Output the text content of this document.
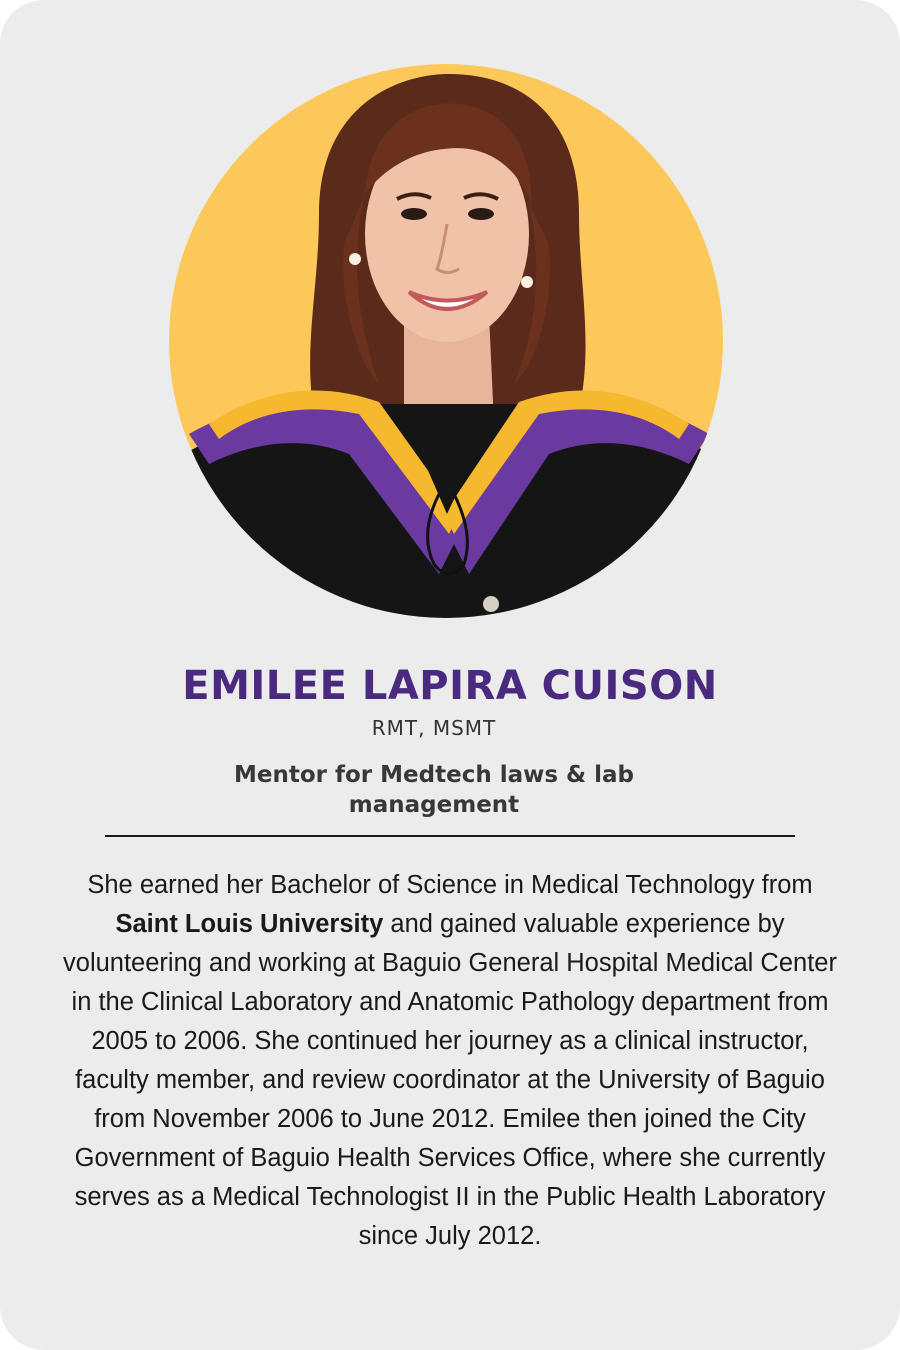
EMILEE LAPIRA CUISON
RMT, MSMT
Mentor for Medtech laws & lab
management
She earned her Bachelor of Science in Medical Technology from Saint Louis University and gained valuable experience by volunteering and working at Baguio General Hospital Medical Center in the Clinical Laboratory and Anatomic Pathology department from 2005 to 2006. She continued her journey as a clinical instructor, faculty member, and review coordinator at the University of Baguio from November 2006 to June 2012. Emilee then joined the City Government of Baguio Health Services Office, where she currently serves as a Medical Technologist II in the Public Health Laboratory since July 2012.
